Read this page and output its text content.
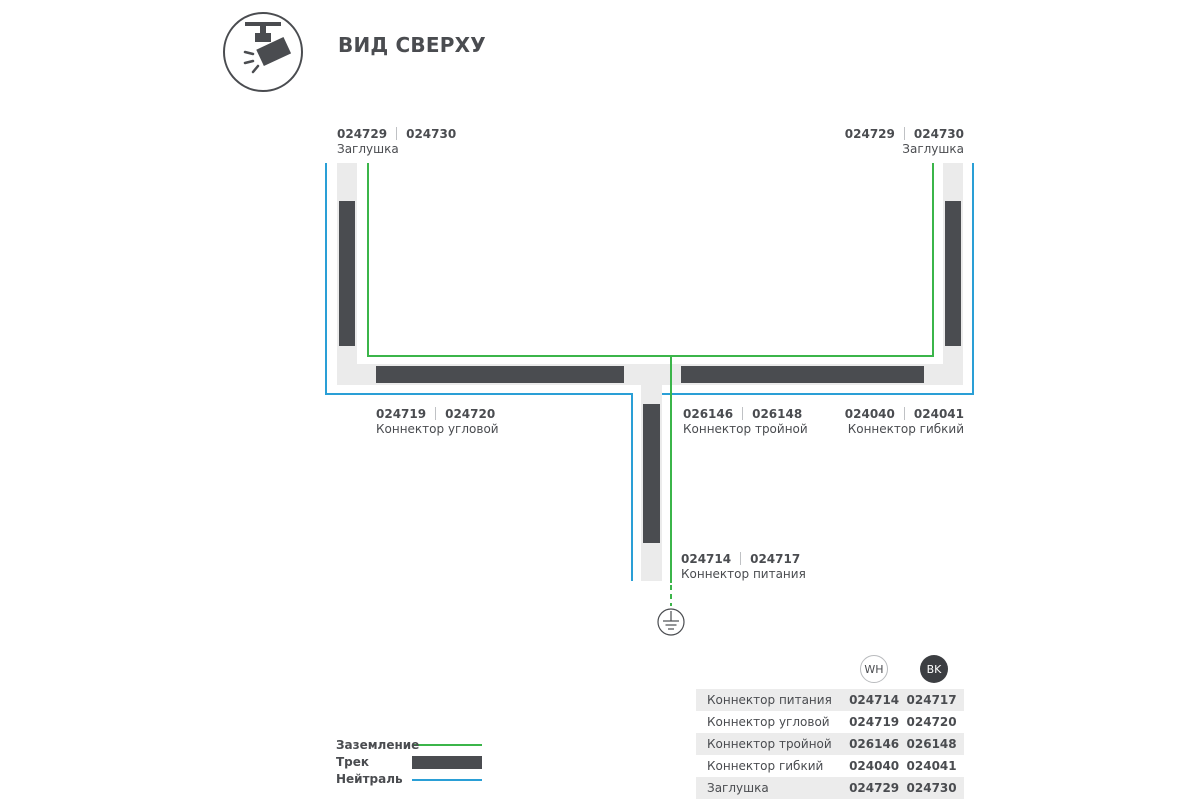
ВИД СВЕРХУ
024729 024730
Заглушка
024729 024730
Заглушка
024719 024720
Коннектор угловой
026146 026148
Коннектор тройной
024040 024041
Коннектор гибкий
024714 024717
Коннектор питания
WH	BK
Коннектор питания	024714	024717
Коннектор угловой	024719	024720
Коннектор тройной	026146	026148
Коннектор гибкий	024040	024041
Заглушка	024729	024730
Заземление
Трек
Нейтраль
